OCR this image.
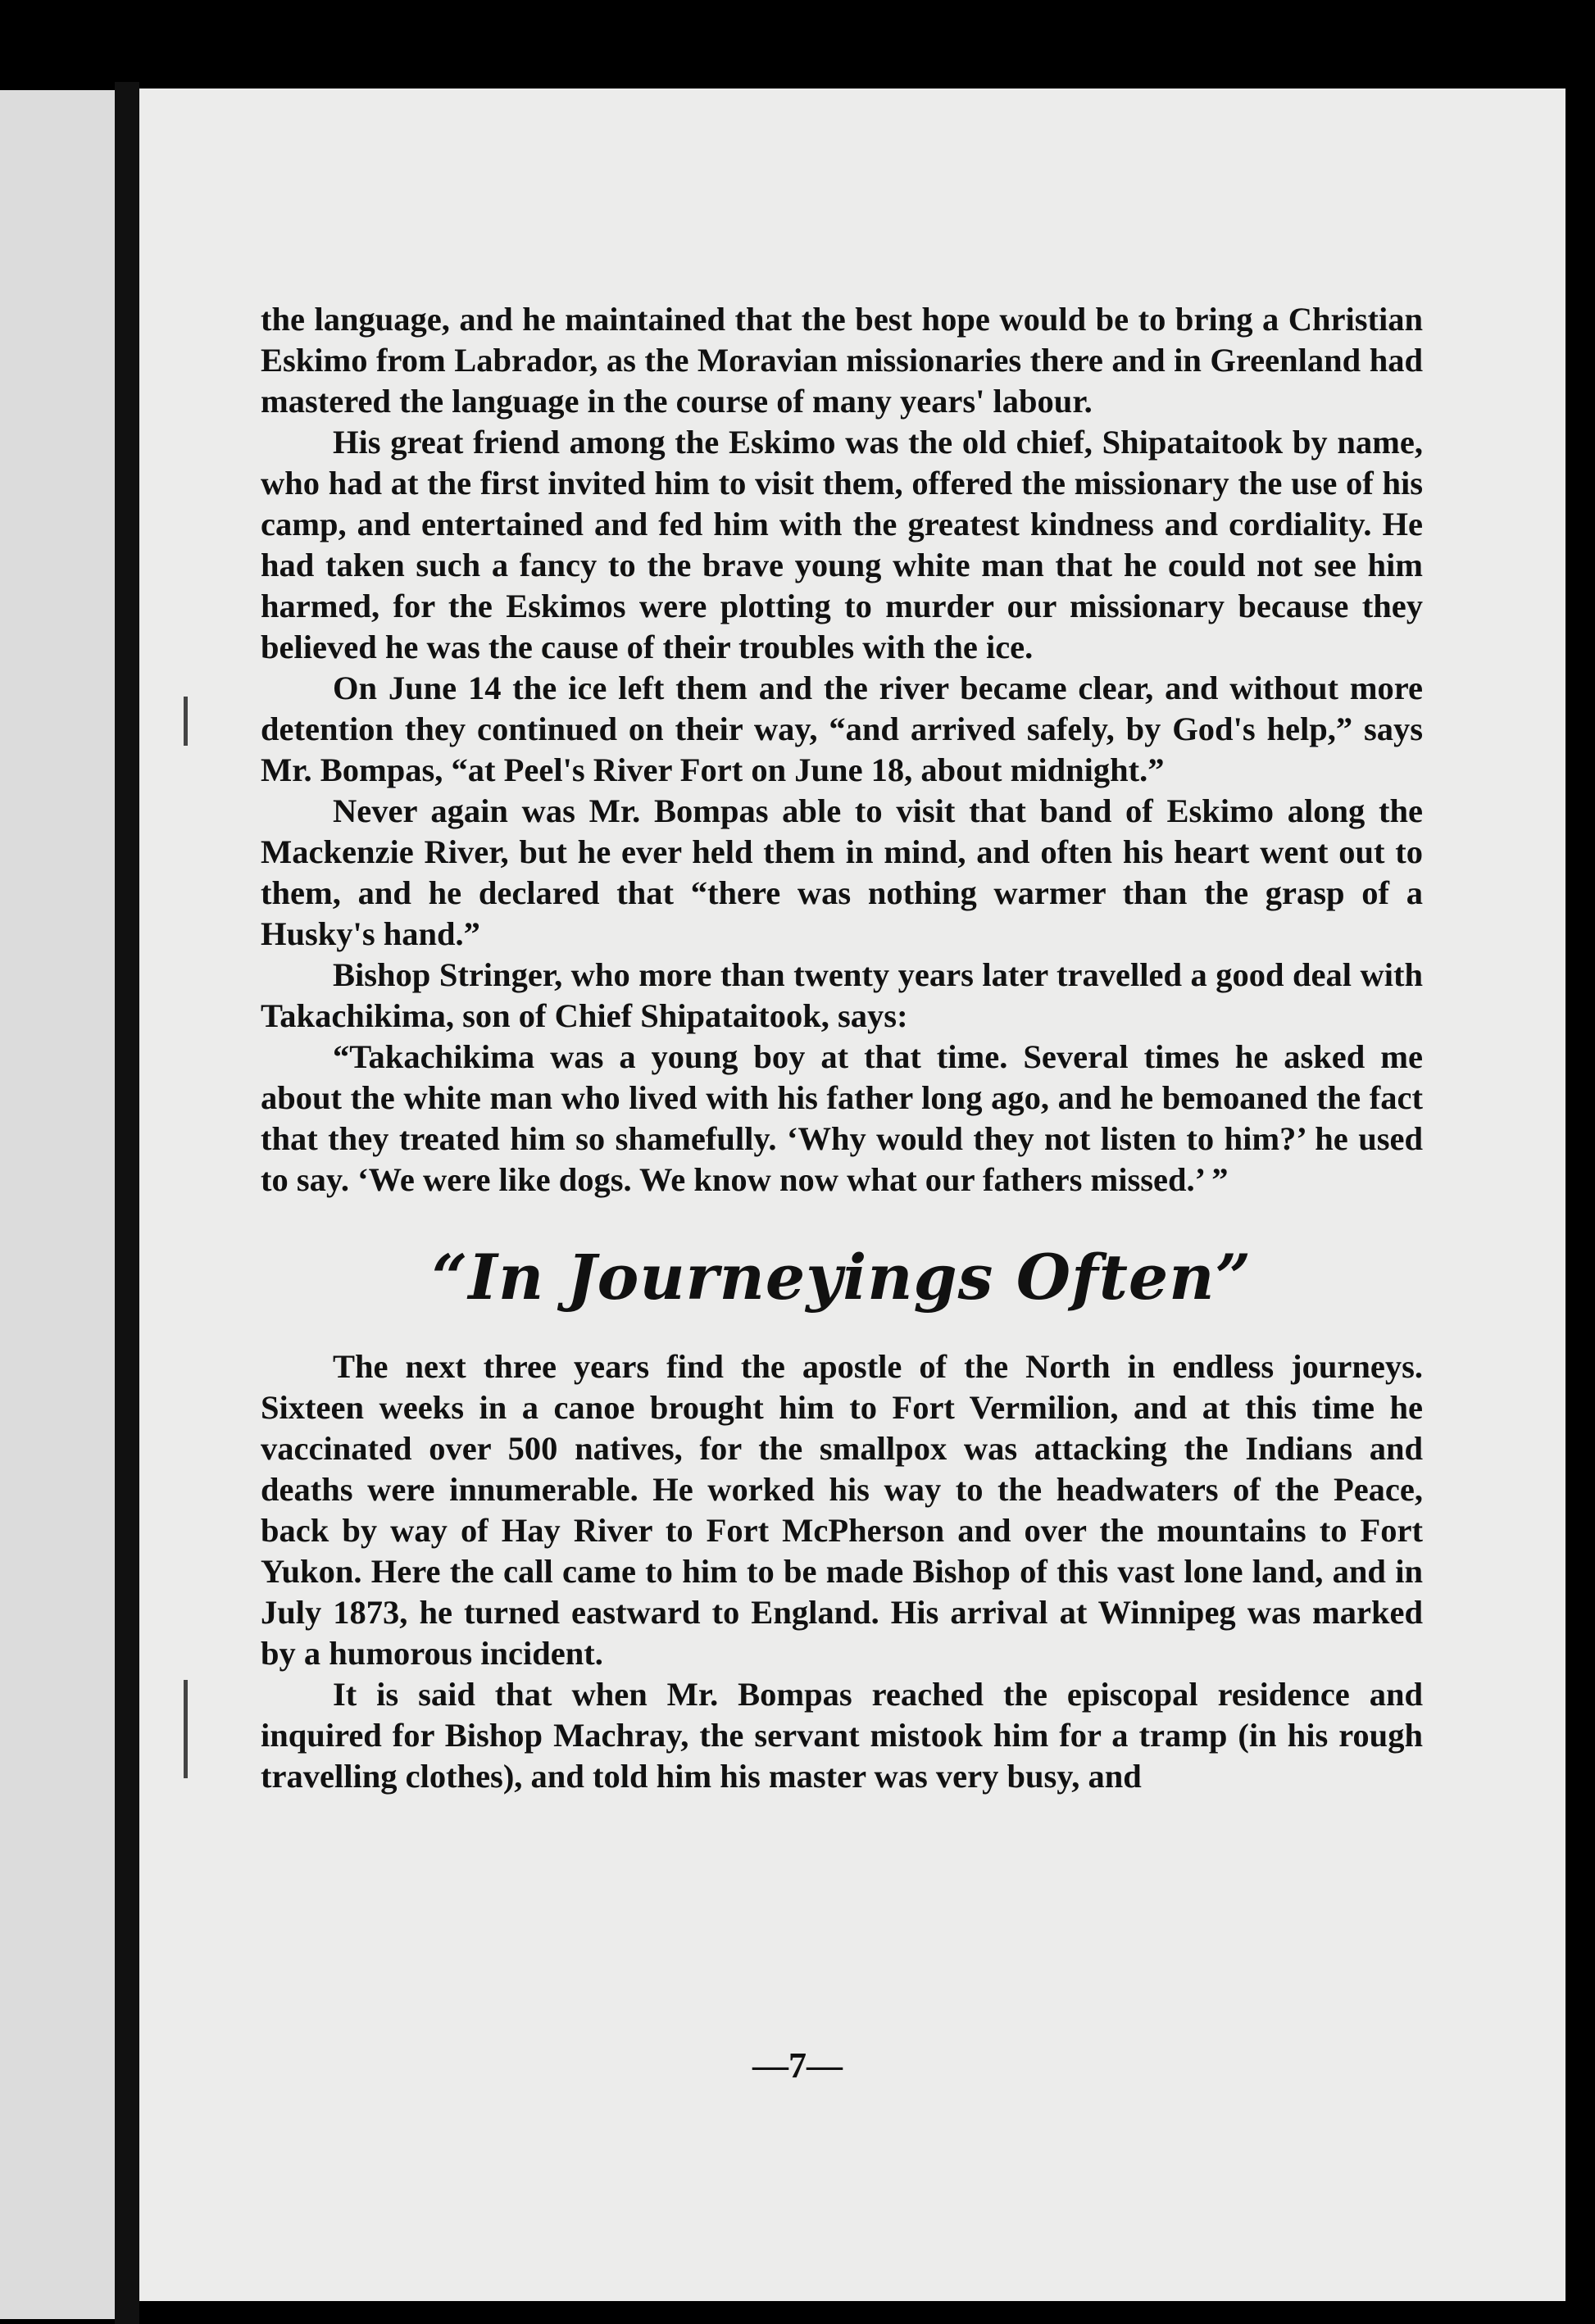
the language, and he maintained that the best hope would be to bring a Christian Eskimo from Labrador, as the Moravian missionaries there and in Greenland had mastered the language in the course of many years' labour.

His great friend among the Eskimo was the old chief, Shipataitook by name, who had at the first invited him to visit them, offered the missionary the use of his camp, and entertained and fed him with the greatest kindness and cordiality. He had taken such a fancy to the brave young white man that he could not see him harmed, for the Eskimos were plotting to murder our missionary because they believed he was the cause of their troubles with the ice.

On June 14 the ice left them and the river became clear, and without more detention they continued on their way, “and arrived safely, by God's help,” says Mr. Bompas, “at Peel's River Fort on June 18, about midnight.”

Never again was Mr. Bompas able to visit that band of Eskimo along the Mackenzie River, but he ever held them in mind, and often his heart went out to them, and he declared that “there was nothing warmer than the grasp of a Husky's hand.”

Bishop Stringer, who more than twenty years later travelled a good deal with Takachikima, son of Chief Shipataitook, says:

“Takachikima was a young boy at that time. Several times he asked me about the white man who lived with his father long ago, and he bemoaned the fact that they treated him so shamefully. ‘Why would they not listen to him?’ he used to say. ‘We were like dogs. We know now what our fathers missed.’ ”

“In Journeyings Often”

The next three years find the apostle of the North in endless journeys. Sixteen weeks in a canoe brought him to Fort Vermilion, and at this time he vaccinated over 500 natives, for the smallpox was attacking the Indians and deaths were innumerable. He worked his way to the headwaters of the Peace, back by way of Hay River to Fort McPherson and over the mountains to Fort Yukon. Here the call came to him to be made Bishop of this vast lone land, and in July 1873, he turned eastward to England. His arrival at Winnipeg was marked by a humorous incident.

It is said that when Mr. Bompas reached the episcopal residence and inquired for Bishop Machray, the servant mistook him for a tramp (in his rough travelling clothes), and told him his master was very busy, and

—7—
